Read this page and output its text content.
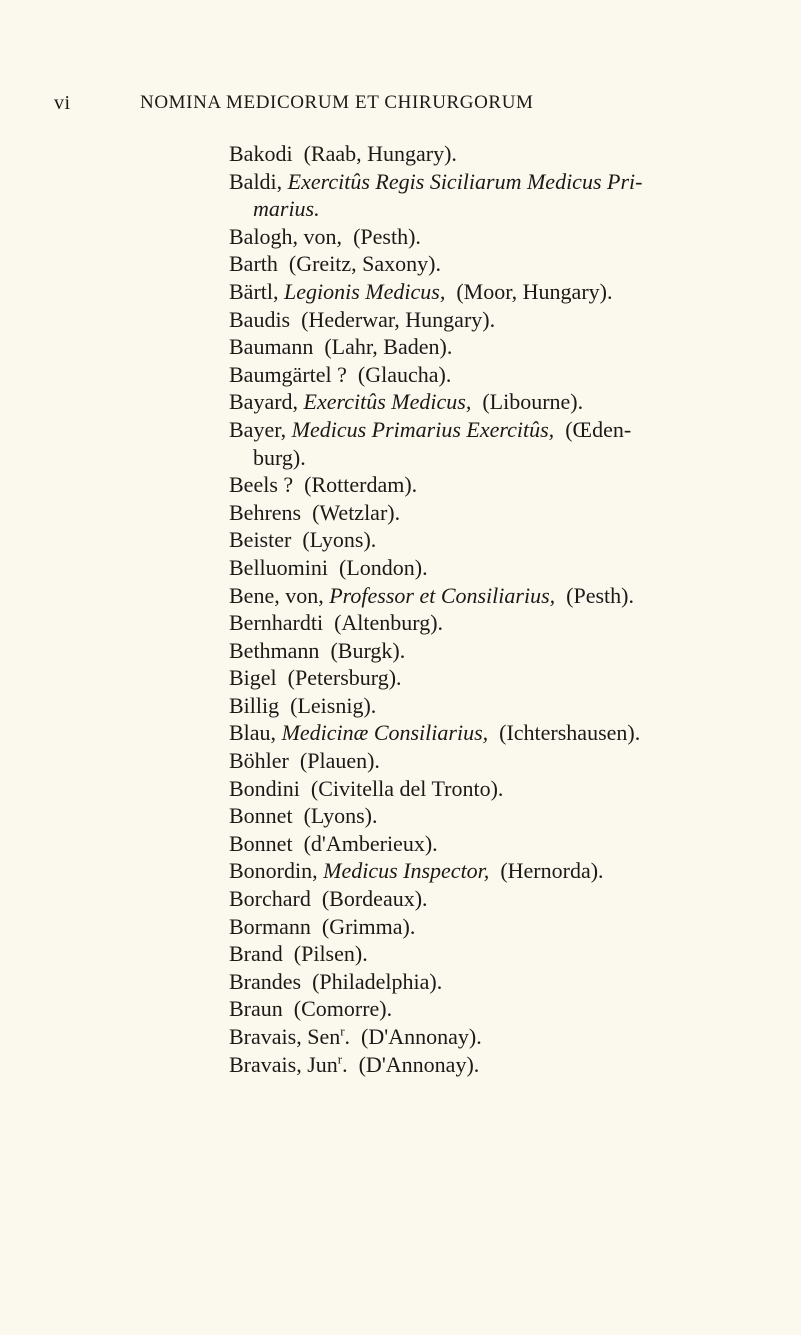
vi	NOMINA MEDICORUM ET CHIRURGORUM
Bakodi (Raab, Hungary).
Baldi, Exercitûs Regis Siciliarum Medicus Pri-
marius.
Balogh, von, (Pesth).
Barth (Greitz, Saxony).
Bärtl, Legionis Medicus, (Moor, Hungary).
Baudis (Hederwar, Hungary).
Baumann (Lahr, Baden).
Baumgärtel ? (Glaucha).
Bayard, Exercitûs Medicus, (Libourne).
Bayer, Medicus Primarius Exercitûs, (Œden-
burg).
Beels ? (Rotterdam).
Behrens (Wetzlar).
Beister (Lyons).
Belluomini (London).
Bene, von, Professor et Consiliarius, (Pesth).
Bernhardti (Altenburg).
Bethmann (Burgk).
Bigel (Petersburg).
Billig (Leisnig).
Blau, Medicinæ Consiliarius, (Ichtershausen).
Böhler (Plauen).
Bondini (Civitella del Tronto).
Bonnet (Lyons).
Bonnet (d'Amberieux).
Bonordin, Medicus Inspector, (Hernorda).
Borchard (Bordeaux).
Bormann (Grimma).
Brand (Pilsen).
Brandes (Philadelphia).
Braun (Comorre).
Bravais, Sen$^r$. (D'Annonay).
Bravais, Jun$^r$. (D'Annonay).
